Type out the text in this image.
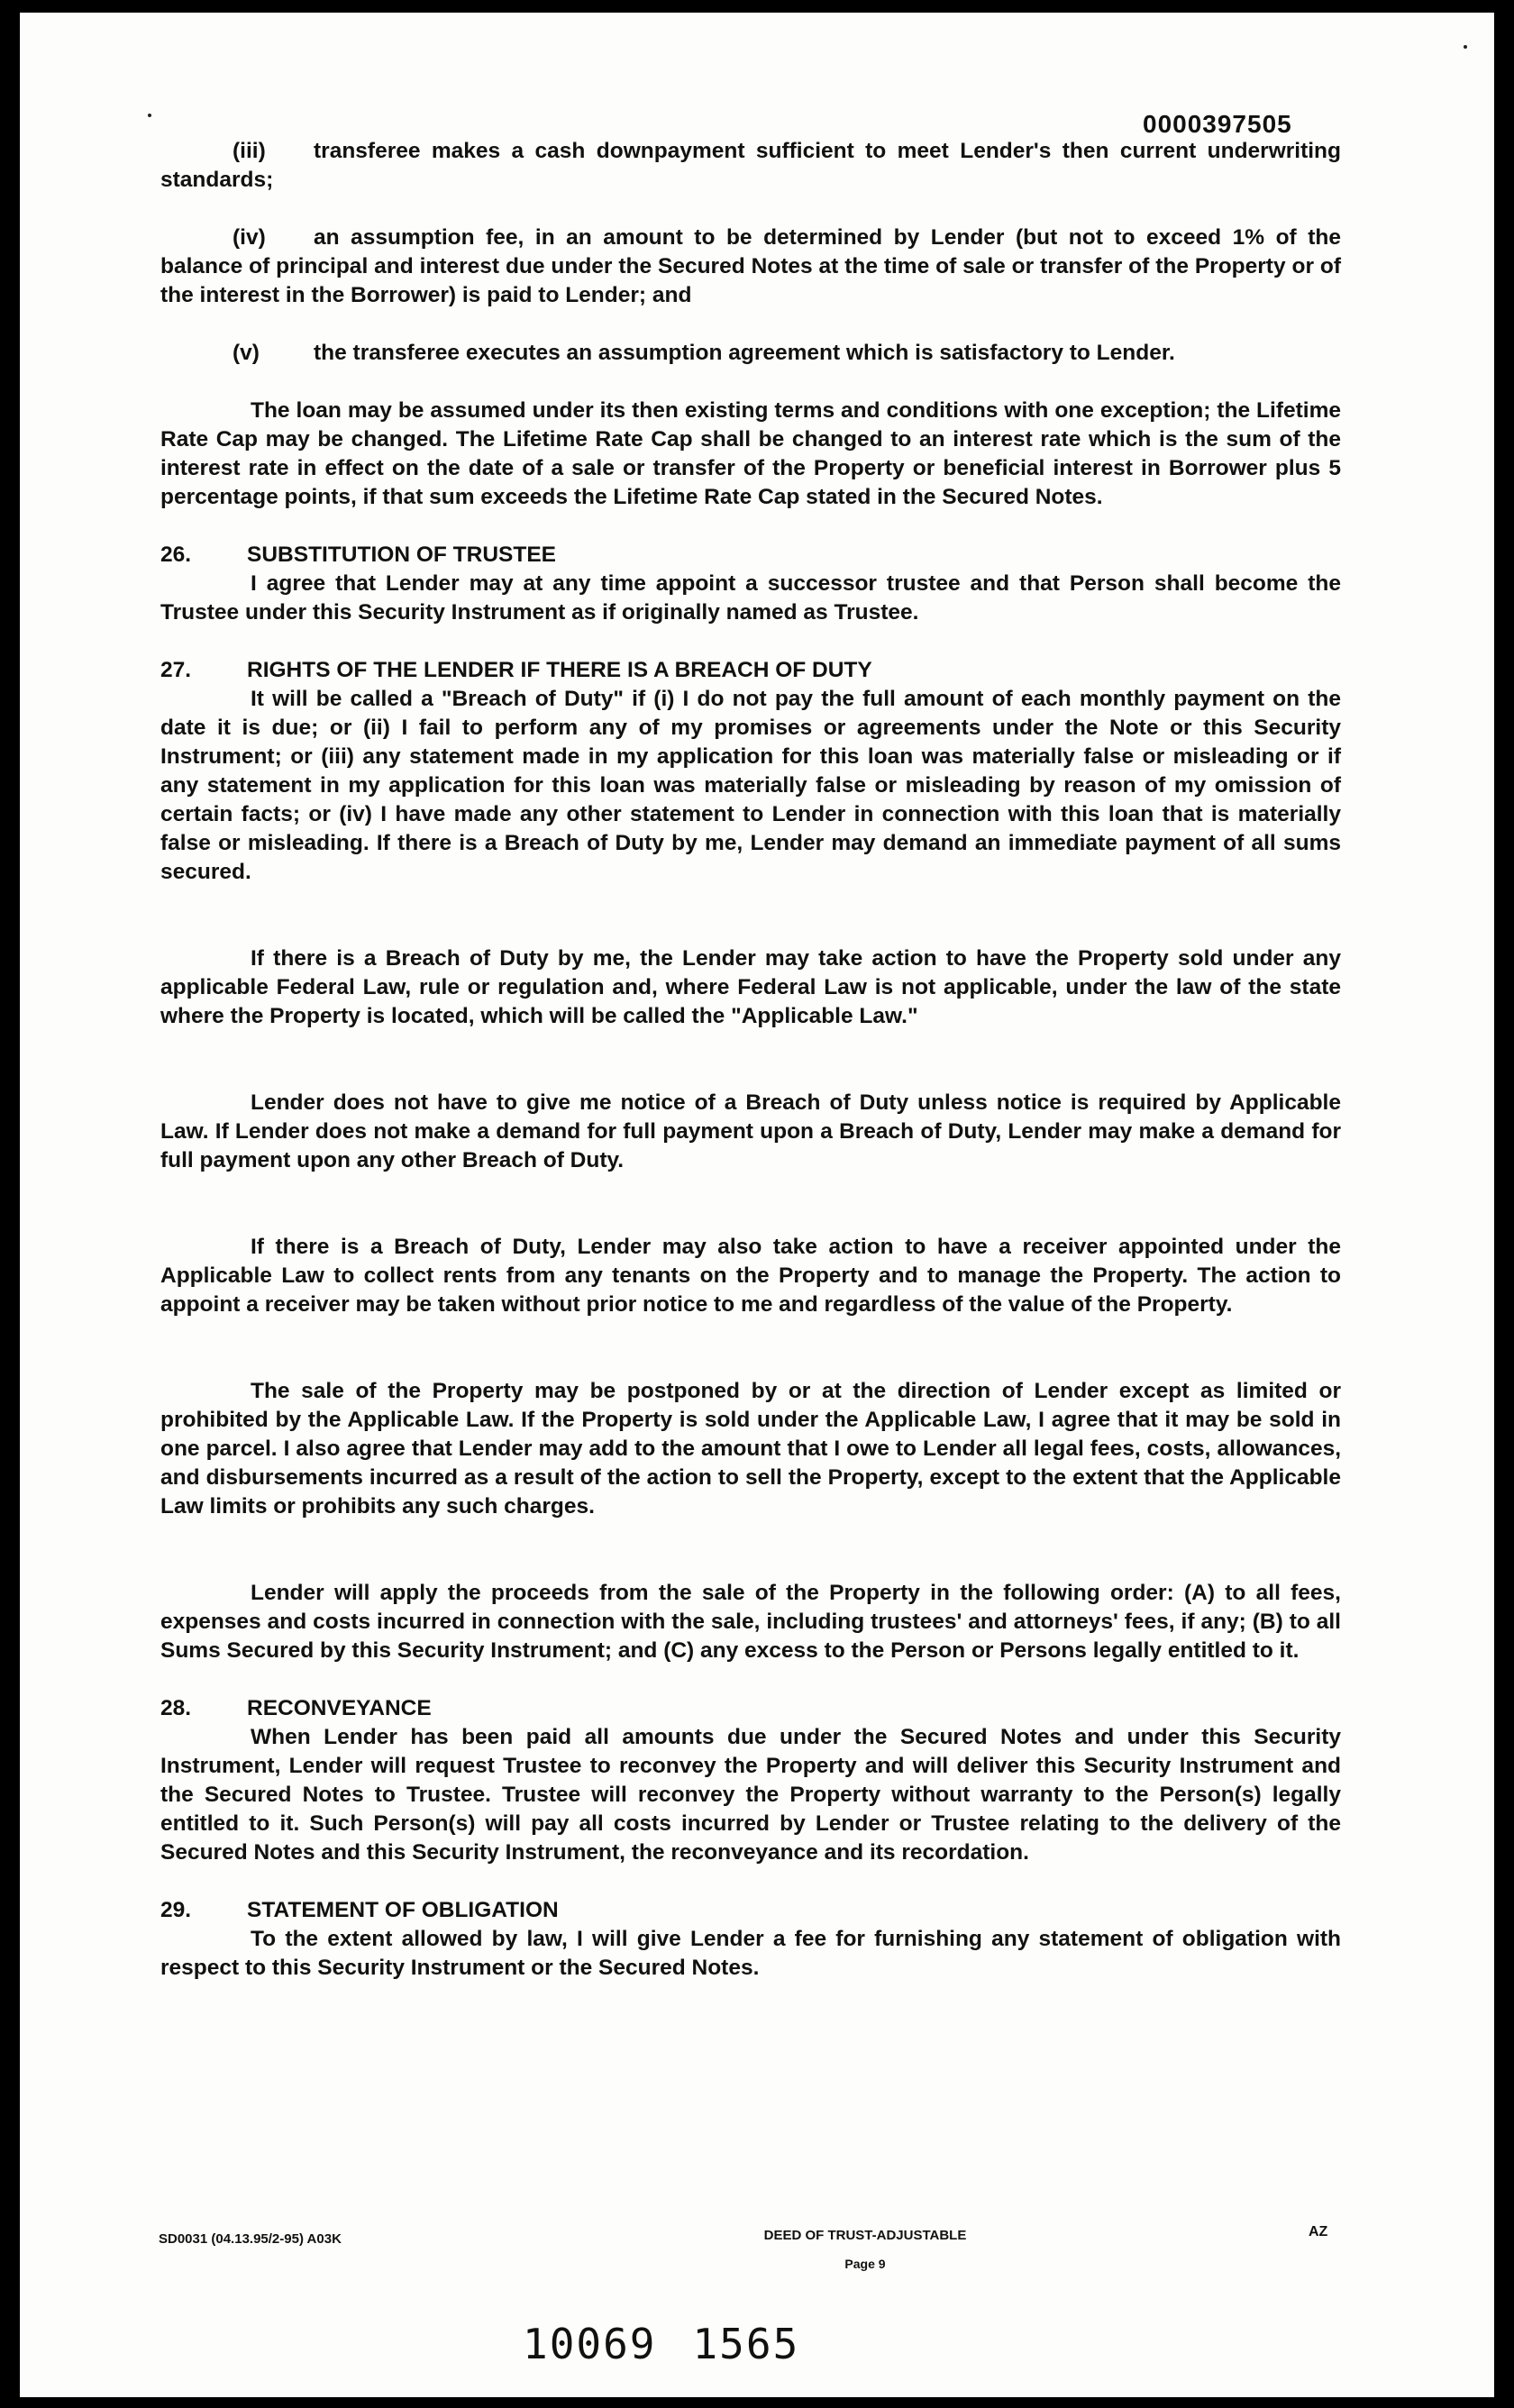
0000397505

(iii) transferee makes a cash downpayment sufficient to meet Lender's then current underwriting standards;

(iv) an assumption fee, in an amount to be determined by Lender (but not to exceed 1% of the balance of principal and interest due under the Secured Notes at the time of sale or transfer of the Property or of the interest in the Borrower) is paid to Lender; and

(v) the transferee executes an assumption agreement which is satisfactory to Lender.

The loan may be assumed under its then existing terms and conditions with one exception; the Lifetime Rate Cap may be changed. The Lifetime Rate Cap shall be changed to an interest rate which is the sum of the interest rate in effect on the date of a sale or transfer of the Property or beneficial interest in Borrower plus 5 percentage points, if that sum exceeds the Lifetime Rate Cap stated in the Secured Notes.

26.	SUBSTITUTION OF TRUSTEE

I agree that Lender may at any time appoint a successor trustee and that Person shall become the Trustee under this Security Instrument as if originally named as Trustee.

27.	RIGHTS OF THE LENDER IF THERE IS A BREACH OF DUTY

It will be called a "Breach of Duty" if (i) I do not pay the full amount of each monthly payment on the date it is due; or (ii) I fail to perform any of my promises or agreements under the Note or this Security Instrument; or (iii) any statement made in my application for this loan was materially false or misleading or if any statement in my application for this loan was materially false or misleading by reason of my omission of certain facts; or (iv) I have made any other statement to Lender in connection with this loan that is materially false or misleading. If there is a Breach of Duty by me, Lender may demand an immediate payment of all sums secured.

If there is a Breach of Duty by me, the Lender may take action to have the Property sold under any applicable Federal Law, rule or regulation and, where Federal Law is not applicable, under the law of the state where the Property is located, which will be called the "Applicable Law."

Lender does not have to give me notice of a Breach of Duty unless notice is required by Applicable Law. If Lender does not make a demand for full payment upon a Breach of Duty, Lender may make a demand for full payment upon any other Breach of Duty.

If there is a Breach of Duty, Lender may also take action to have a receiver appointed under the Applicable Law to collect rents from any tenants on the Property and to manage the Property. The action to appoint a receiver may be taken without prior notice to me and regardless of the value of the Property.

The sale of the Property may be postponed by or at the direction of Lender except as limited or prohibited by the Applicable Law. If the Property is sold under the Applicable Law, I agree that it may be sold in one parcel. I also agree that Lender may add to the amount that I owe to Lender all legal fees, costs, allowances, and disbursements incurred as a result of the action to sell the Property, except to the extent that the Applicable Law limits or prohibits any such charges.

Lender will apply the proceeds from the sale of the Property in the following order: (A) to all fees, expenses and costs incurred in connection with the sale, including trustees' and attorneys' fees, if any; (B) to all Sums Secured by this Security Instrument; and (C) any excess to the Person or Persons legally entitled to it.

28.	RECONVEYANCE

When Lender has been paid all amounts due under the Secured Notes and under this Security Instrument, Lender will request Trustee to reconvey the Property and will deliver this Security Instrument and the Secured Notes to Trustee. Trustee will reconvey the Property without warranty to the Person(s) legally entitled to it. Such Person(s) will pay all costs incurred by Lender or Trustee relating to the delivery of the Secured Notes and this Security Instrument, the reconveyance and its recordation.

29.	STATEMENT OF OBLIGATION

To the extent allowed by law, I will give Lender a fee for furnishing any statement of obligation with respect to this Security Instrument or the Secured Notes.

SD0031 (04.13.95/2-95) A03K	DEED OF TRUST-ADJUSTABLE
Page 9
AZ
10069 1565
